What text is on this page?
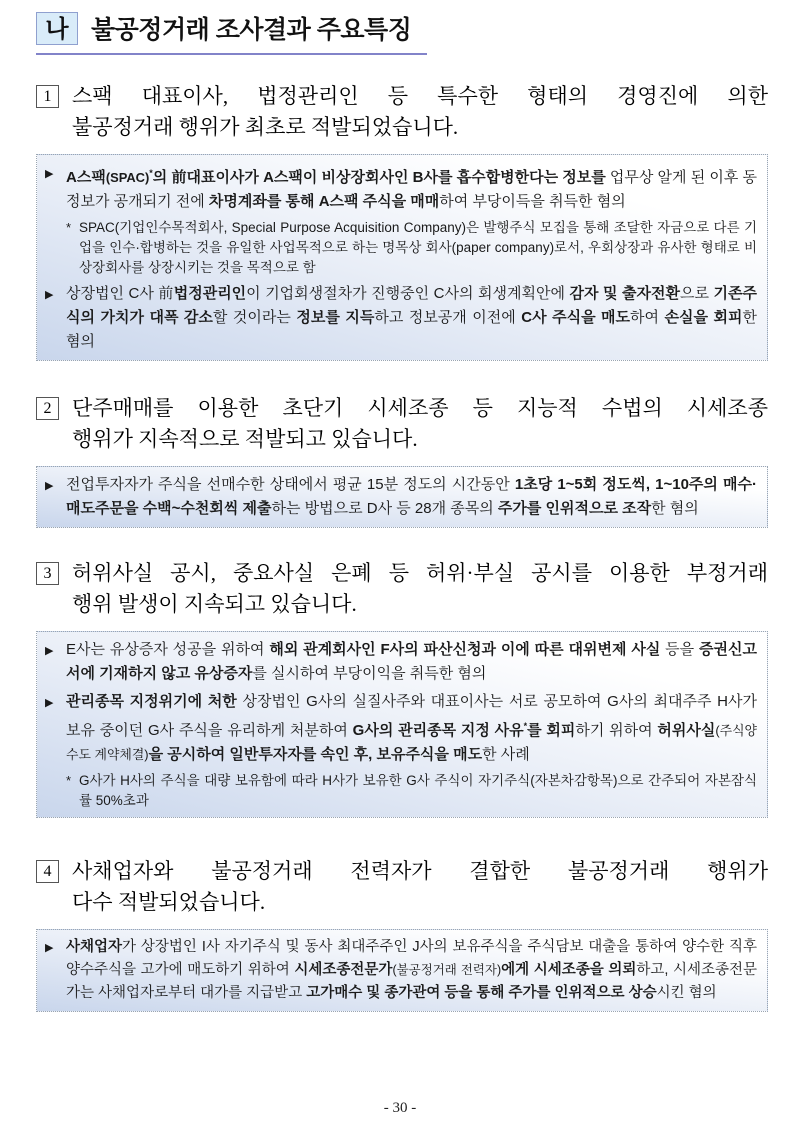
나 불공정거래 조사결과 주요특징
1 스팩 대표이사, 법정관리인 등 특수한 형태의 경영진에 의한
불공정거래 행위가 최초로 적발되었습니다.
▶ A스팩(SPAC)*의 前대표이사가 A스팩이 비상장회사인 B사를 흡수합병한다는 정보를 업무상 알게 된 이후 동 정보가 공개되기 전에 차명계좌를 통해 A스팩 주식을 매매하여 부당이득을 취득한 혐의
* SPAC(기업인수목적회사, Special Purpose Acquisition Company)은 발행주식 모집을 통해 조달한 자금으로 다른 기업을 인수·합병하는 것을 유일한 사업목적으로 하는 명목상 회사(paper company)로서, 우회상장과 유사한 형태로 비상장회사를 상장시키는 것을 목적으로 함
▶ 상장법인 C사 前법정관리인이 기업회생절차가 진행중인 C사의 회생계획안에 감자 및 출자전환으로 기존주식의 가치가 대폭 감소할 것이라는 정보를 지득하고 정보공개 이전에 C사 주식을 매도하여 손실을 회피한 혐의
2 단주매매를 이용한 초단기 시세조종 등 지능적 수법의 시세조종
행위가 지속적으로 적발되고 있습니다.
▶ 전업투자자가 주식을 선매수한 상태에서 평균 15분 정도의 시간동안 1초당 1~5회 정도씩, 1~10주의 매수·매도주문을 수백~수천회씩 제출하는 방법으로 D사 등 28개 종목의 주가를 인위적으로 조작한 혐의
3 허위사실 공시, 중요사실 은폐 등 허위·부실 공시를 이용한 부정거래
행위 발생이 지속되고 있습니다.
▶ E사는 유상증자 성공을 위하여 해외 관계회사인 F사의 파산신청과 이에 따른 대위변제 사실 등을 증권신고서에 기재하지 않고 유상증자를 실시하여 부당이익을 취득한 혐의
▶ 관리종목 지정위기에 처한 상장법인 G사의 실질사주와 대표이사는 서로 공모하여 G사의 최대주주 H사가 보유 중이던 G사 주식을 유리하게 처분하여 G사의 관리종목 지정 사유*를 회피하기 위하여 허위사실(주식양수도 계약체결)을 공시하여 일반투자자를 속인 후, 보유주식을 매도한 사례
* G사가 H사의 주식을 대량 보유함에 따라 H사가 보유한 G사 주식이 자기주식(자본차감항목)으로 간주되어 자본잠식률 50%초과
4 사채업자와 불공정거래 전력자가 결합한 불공정거래 행위가
다수 적발되었습니다.
▶ 사채업자가 상장법인 I사 자기주식 및 동사 최대주주인 J사의 보유주식을 주식담보 대출을 통하여 양수한 직후 양수주식을 고가에 매도하기 위하여 시세조종전문가(불공정거래 전력자)에게 시세조종을 의뢰하고, 시세조종전문가는 사채업자로부터 대가를 지급받고 고가매수 및 종가관여 등을 통해 주가를 인위적으로 상승시킨 혐의
- 30 -
